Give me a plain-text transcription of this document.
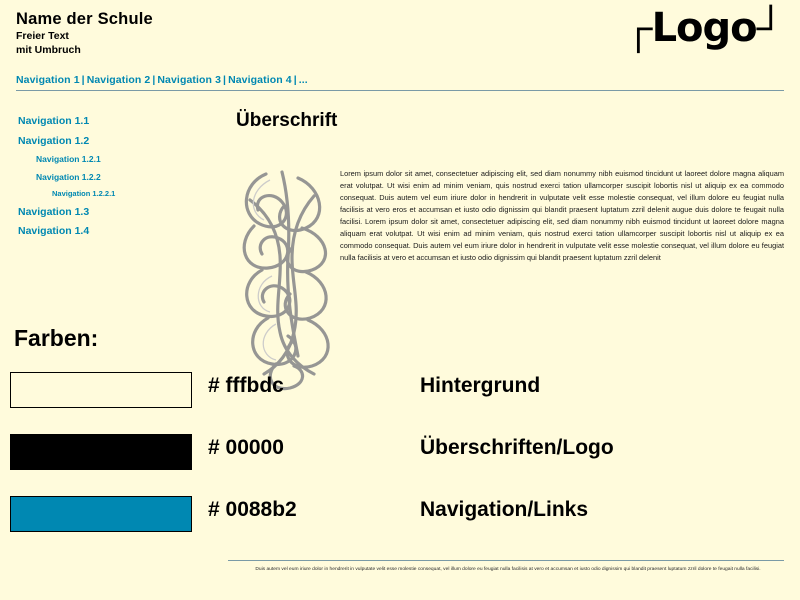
Name der Schule
Freier Text
mit Umbruch
┌Logo┘
Navigation 1 | Navigation 2 | Navigation 3 | Navigation 4 | ...
Navigation 1.1
Navigation 1.2
Navigation 1.2.1
Navigation 1.2.2
Navigation 1.2.2.1
Navigation 1.3
Navigation 1.4
Überschrift
Lorem ipsum dolor sit amet, consectetuer adipiscing elit, sed diam nonummy nibh euismod tincidunt ut laoreet dolore magna aliquam erat volutpat. Ut wisi enim ad minim veniam, quis nostrud exerci tation ullamcorper suscipit lobortis nisl ut aliquip ex ea commodo consequat. Duis autem vel eum iriure dolor in hendrerit in vulputate velit esse molestie consequat, vel illum dolore eu feugiat nulla facilisis at vero eros et accumsan et iusto odio dignissim qui blandit praesent luptatum zzril delenit augue duis dolore te feugait nulla facilisi. Lorem ipsum dolor sit amet, consectetuer adipiscing elit, sed diam nonummy nibh euismod tincidunt ut laoreet dolore magna aliquam erat volutpat. Ut wisi enim ad minim veniam, quis nostrud exerci tation ullamcorper suscipit lobortis nisl ut aliquip ex ea commodo consequat. Duis autem vel eum iriure dolor in hendrerit in vulputate velit esse molestie consequat, vel illum dolore eu feugiat nulla facilisis at vero et accumsan et iusto odio dignissim qui blandit praesent luptatum zzril delenit
Farben:
# fffbdc	Hintergrund
# 00000	Überschriften/Logo
# 0088b2	Navigation/Links
Duis autem vel eum iriure dolor in hendrerit in vulputate velit esse molestie consequat, vel illum dolore eu feugiat nulla facilisis at vero et accumsan et iusto odio dignissim qui blandit praesent luptatum zzril dolore te feugait nulla facilisi.
